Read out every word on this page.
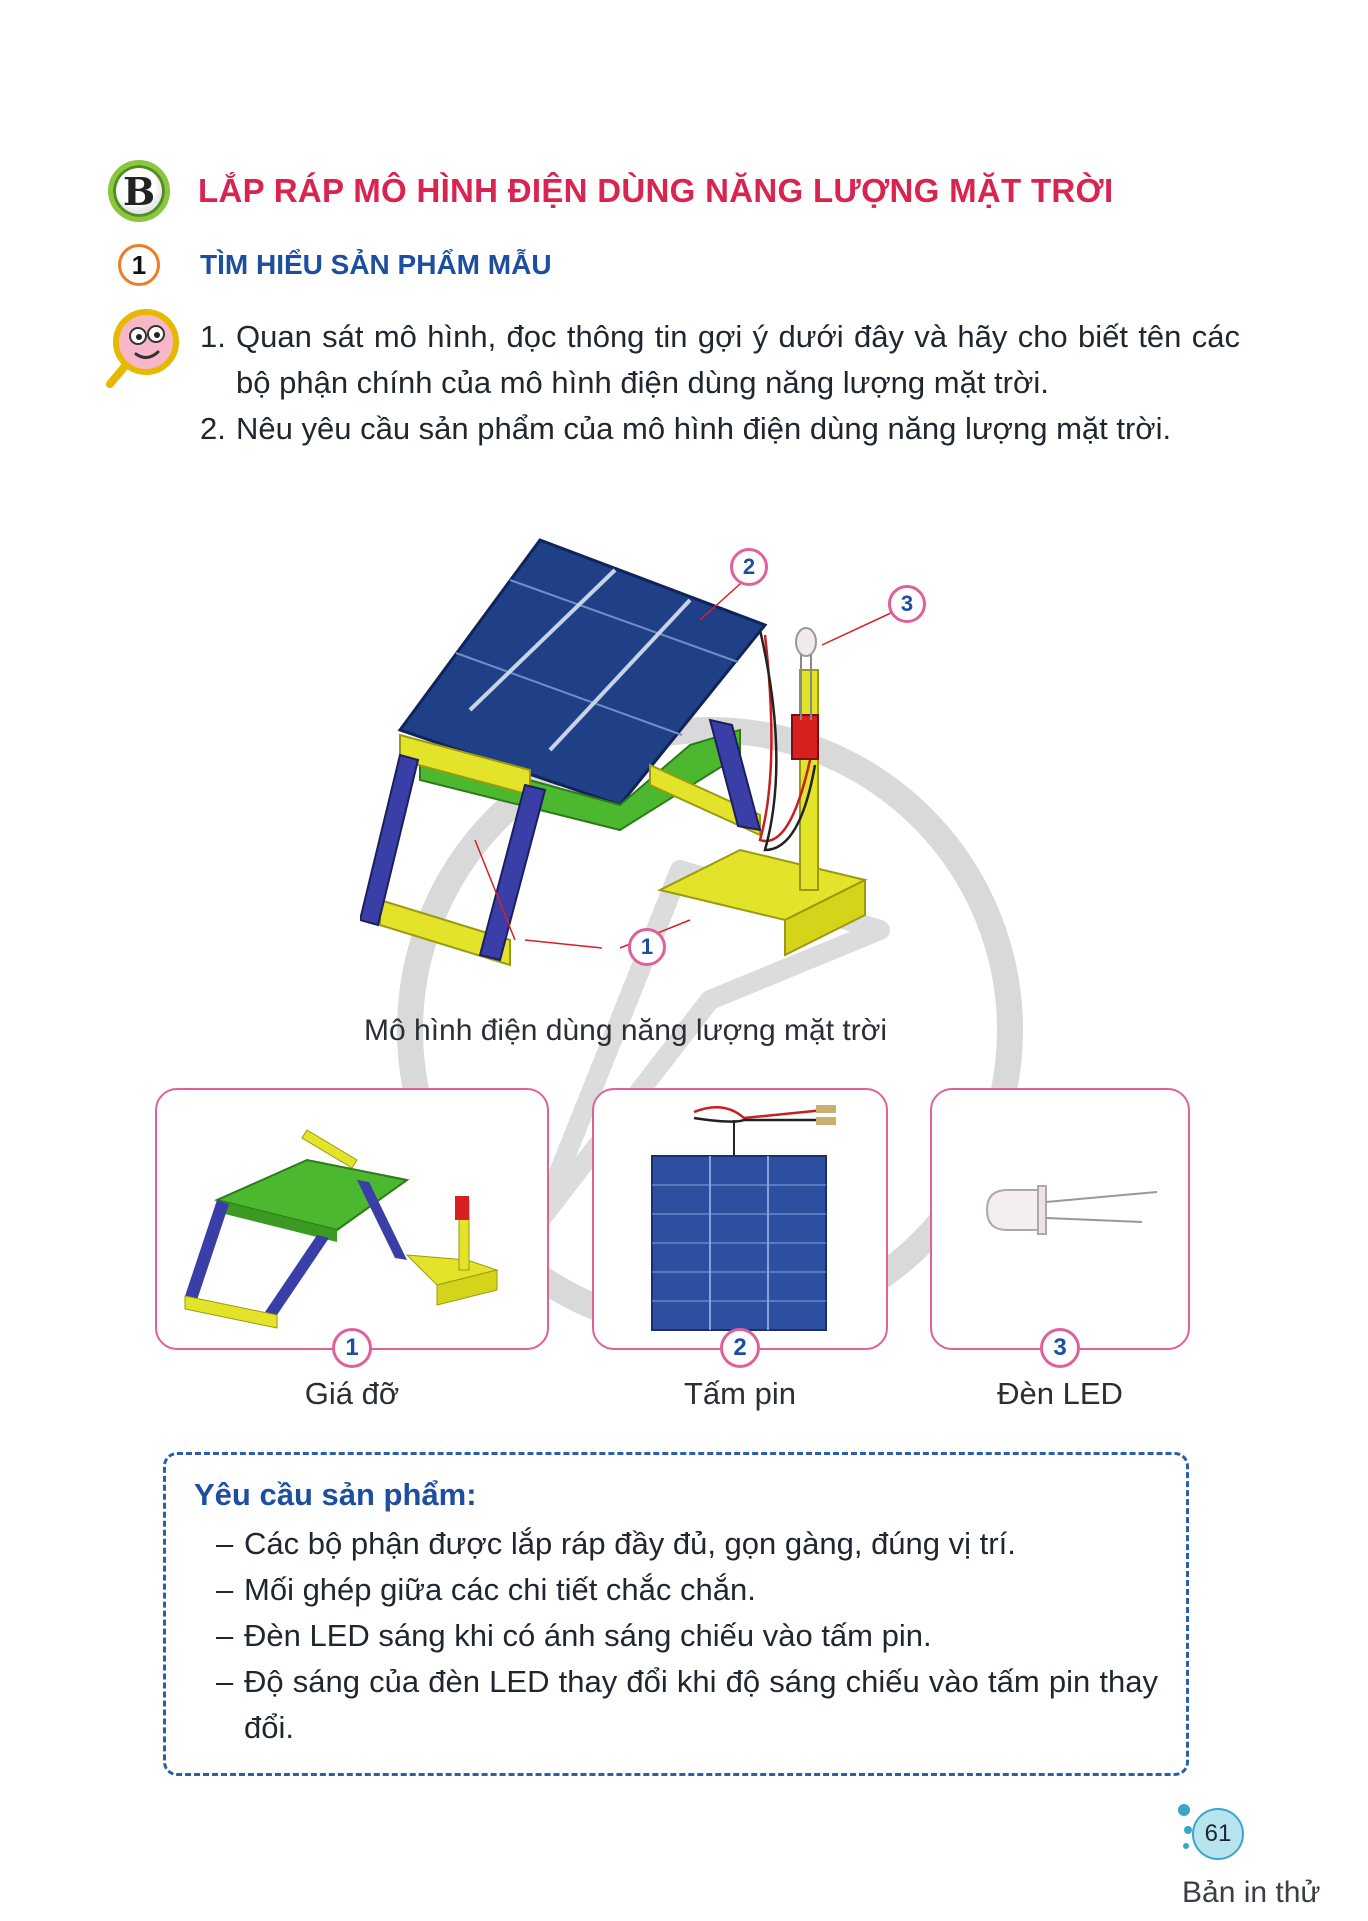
B	LẮP RÁP MÔ HÌNH ĐIỆN DÙNG NĂNG LƯỢNG MẶT TRỜI
1	TÌM HIỂU SẢN PHẨM MẪU
1. Quan sát mô hình, đọc thông tin gợi ý dưới đây và hãy cho biết tên các bộ phận chính của mô hình điện dùng năng lượng mặt trời.
2. Nêu yêu cầu sản phẩm của mô hình điện dùng năng lượng mặt trời.
1
2
3
Mô hình điện dùng năng lượng mặt trời
1	2	3
Giá đỡ	Tấm pin	Đèn LED
Yêu cầu sản phẩm:
– Các bộ phận được lắp ráp đầy đủ, gọn gàng, đúng vị trí.
– Mối ghép giữa các chi tiết chắc chắn.
– Đèn LED sáng khi có ánh sáng chiếu vào tấm pin.
– Độ sáng của đèn LED thay đổi khi độ sáng chiếu vào tấm pin thay đổi.
61
Bản in thử
